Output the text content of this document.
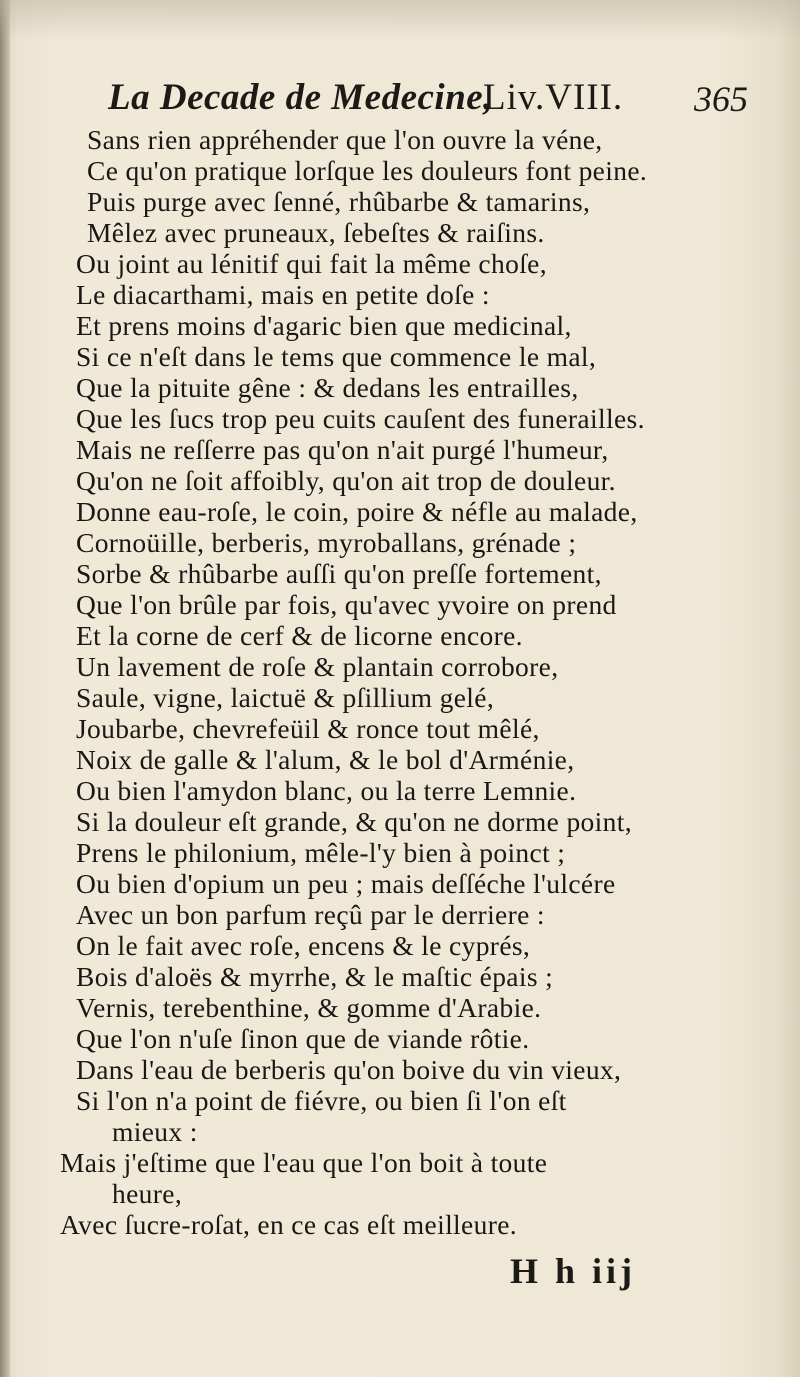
La Decade de Medecine,
Liv.VIII. 365
Sans rien appréhender que l'on ouvre la véne,
Ce qu'on pratique lorſque les douleurs font peine.
Puis purge avec ſenné, rhûbarbe & tamarins,
Mêlez avec pruneaux, ſebeſtes & raiſins.
Ou joint au lénitif qui fait la même choſe,
Le diacarthami, mais en petite doſe :
Et prens moins d'agaric bien que medicinal,
Si ce n'eſt dans le tems que commence le mal,
Que la pituite gêne : & dedans les entrailles,
Que les ſucs trop peu cuits cauſent des funerailles.
Mais ne reſſerre pas qu'on n'ait purgé l'humeur,
Qu'on ne ſoit affoibly, qu'on ait trop de douleur.
Donne eau-roſe, le coin, poire & néfle au malade,
Cornoüille, berberis, myroballans, grénade ;
Sorbe & rhûbarbe auſſi qu'on preſſe fortement,
Que l'on brûle par fois, qu'avec yvoire on prend
Et la corne de cerf & de licorne encore.
Un lavement de roſe & plantain corrobore,
Saule, vigne, laictuë & pſillium gelé,
Joubarbe, chevrefeüil & ronce tout mêlé,
Noix de galle & l'alum, & le bol d'Arménie,
Ou bien l'amydon blanc, ou la terre Lemnie.
Si la douleur eſt grande, & qu'on ne dorme point,
Prens le philonium, mêle-l'y bien à poinct ;
Ou bien d'opium un peu ; mais deſſéche l'ulcére
Avec un bon parfum reçû par le derriere :
On le fait avec roſe, encens & le cyprés,
Bois d'aloës & myrrhe, & le maſtic épais ;
Vernis, terebenthine, & gomme d'Arabie.
Que l'on n'uſe ſinon que de viande rôtie.
Dans l'eau de berberis qu'on boive du vin vieux,
Si l'on n'a point de fiévre, ou bien ſi l'on eſt
mieux :
Mais j'eſtime que l'eau que l'on boit à toute
heure,
Avec ſucre-roſat, en ce cas eſt meilleure.
H h iij
